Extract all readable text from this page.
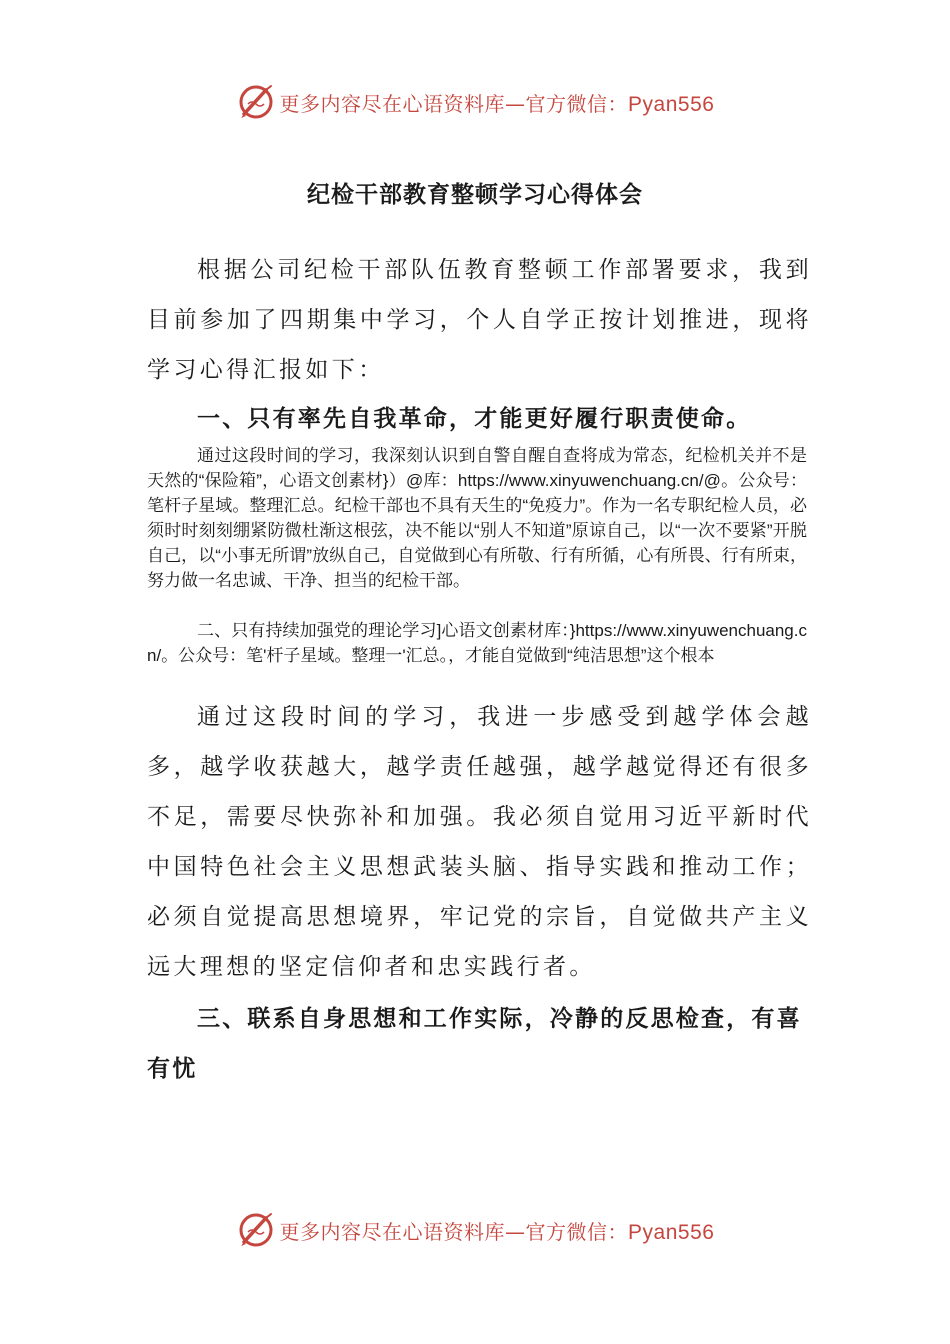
更多内容尽在心语资料库—官方微信：Pyan556
纪检干部教育整顿学习心得体会

根据公司纪检干部队伍教育整顿工作部署要求，我到目前参加了四期集中学习，个人自学正按计划推进，现将学习心得汇报如下：

一、只有率先自我革命，才能更好履行职责使命。

通过这段时间的学习，我深刻认识到自警自醒自查将成为常态，纪检机关并不是天然的“保险箱”，心语文创素材}）@库：https://www.xinyuwenchuang.cn/@。公众号：笔杆子星域。整理汇总。纪检干部也不具有天生的“免疫力”。作为一名专职纪检人员，必须时时刻刻绷紧防微杜渐这根弦，决不能以“别人不知道”原谅自己，以“一次不要紧”开脱自己，以“小事无所谓”放纵自己，自觉做到心有所敬、行有所循，心有所畏、行有所束，努力做一名忠诚、干净、担当的纪检干部。

二、只有持续加强党的理论学习]心语文创素材库：}https://www.xinyuwenchuang.cn/。公众号：笔'杆子星域。整理一'汇总。，才能自觉做到“纯洁思想”这个根本

通过这段时间的学习，我进一步感受到越学体会越多，越学收获越大，越学责任越强，越学越觉得还有很多不足，需要尽快弥补和加强。我必须自觉用习近平新时代中国特色社会主义思想武装头脑、指导实践和推动工作；必须自觉提高思想境界，牢记党的宗旨，自觉做共产主义远大理想的坚定信仰者和忠实践行者。

三、联系自身思想和工作实际，冷静的反思检查，有喜有忧
更多内容尽在心语资料库—官方微信：Pyan556
